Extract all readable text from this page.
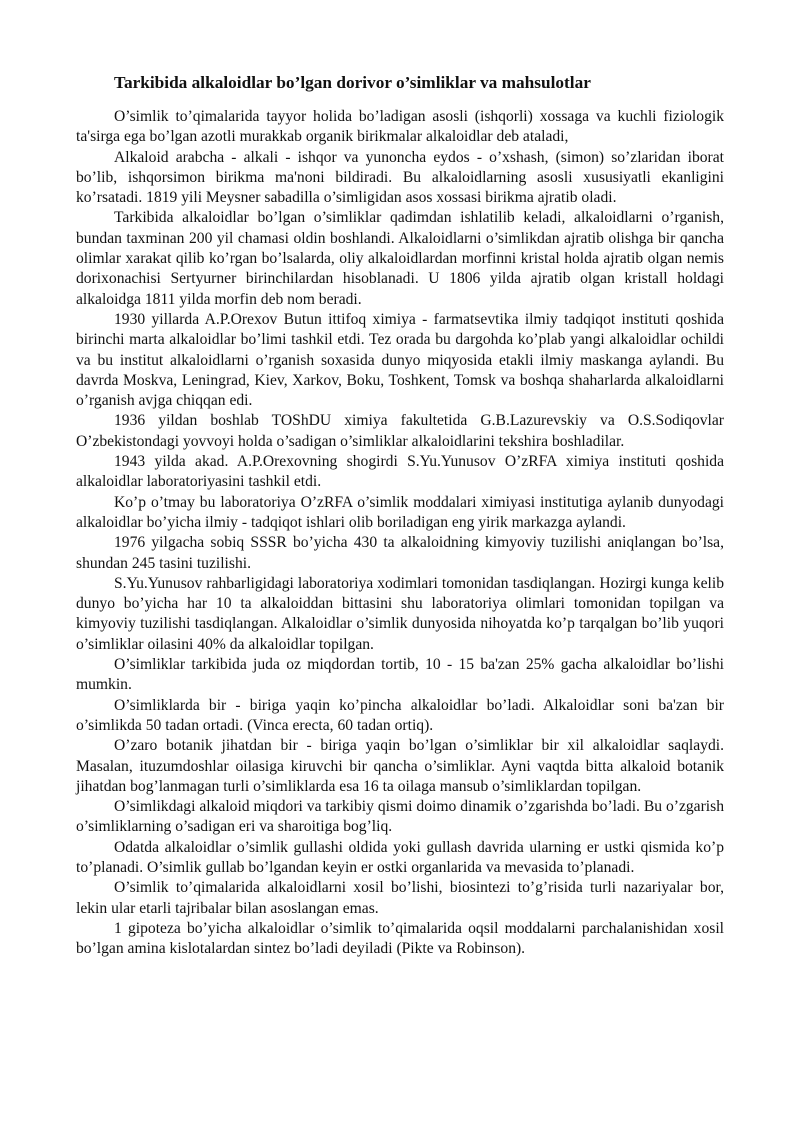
Tarkibida alkaloidlar bo’lgan dorivor o’simliklar va mahsulotlar

O’simlik to’qimalarida tayyor holida bo’ladigan asosli (ishqorli) xossaga va kuchli fiziologik ta'sirga ega bo’lgan azotli murakkab organik birikmalar alkaloidlar deb ataladi,

Alkaloid arabcha - alkali - ishqor va yunoncha eydos - o’xshash, (simon) so’zlaridan iborat bo’lib, ishqorsimon birikma ma'noni bildiradi. Bu alkaloidlarning asosli xususiyatli ekanligini ko’rsatadi. 1819 yili Meysner sabadilla o’simligidan asos xossasi birikma ajratib oladi.

Tarkibida alkaloidlar bo’lgan o’simliklar qadimdan ishlatilib keladi, alkaloidlarni o’rganish, bundan taxminan 200 yil chamasi oldin boshlandi. Alkaloidlarni o’simlikdan ajratib olishga bir qancha olimlar xarakat qilib ko’rgan bo’lsalarda, oliy alkaloidlardan morfinni kristal holda ajratib olgan nemis dorixonachisi Sertyurner birinchilardan hisoblanadi. U 1806 yilda ajratib olgan kristall holdagi alkaloidga 1811 yilda morfin deb nom beradi.

1930 yillarda A.P.Orexov Butun ittifoq ximiya - farmatsevtika ilmiy tadqiqot instituti qoshida birinchi marta alkaloidlar bo’limi tashkil etdi. Tez orada bu dargohda ko’plab yangi alkaloidlar ochildi va bu institut alkaloidlarni o’rganish soxasida dunyo miqyosida etakli ilmiy maskanga aylandi. Bu davrda Moskva, Leningrad, Kiev, Xarkov, Boku, Toshkent, Tomsk va boshqa shaharlarda alkaloidlarni o’rganish avjga chiqqan edi.

1936 yildan boshlab TOShDU ximiya fakultetida G.B.Lazurevskiy va O.S.Sodiqovlar O’zbekistondagi yovvoyi holda o’sadigan o’simliklar alkaloidlarini tekshira boshladilar.

1943 yilda akad. A.P.Orexovning shogirdi S.Yu.Yunusov O’zRFA ximiya instituti qoshida alkaloidlar laboratoriyasini tashkil etdi.

Ko’p o’tmay bu laboratoriya O’zRFA o’simlik moddalari ximiyasi institutiga aylanib dunyodagi alkaloidlar bo’yicha ilmiy - tadqiqot ishlari olib boriladigan eng yirik markazga aylandi.

1976 yilgacha sobiq SSSR bo’yicha 430 ta alkaloidning kimyoviy tuzilishi aniqlangan bo’lsa, shundan 245 tasini tuzilishi.

S.Yu.Yunusov rahbarligidagi laboratoriya xodimlari tomonidan tasdiqlangan. Hozirgi kunga kelib dunyo bo’yicha har 10 ta alkaloiddan bittasini shu laboratoriya olimlari tomonidan topilgan va kimyoviy tuzilishi tasdiqlangan. Alkaloidlar o’simlik dunyosida nihoyatda ko’p tarqalgan bo’lib yuqori o’simliklar oilasini 40% da alkaloidlar topilgan.

O’simliklar tarkibida juda oz miqdordan tortib, 10 - 15 ba'zan 25% gacha alkaloidlar bo’lishi mumkin.

O’simliklarda bir - biriga yaqin ko’pincha alkaloidlar bo’ladi. Alkaloidlar soni ba'zan bir o’simlikda 50 tadan ortadi. (Vinca erecta, 60 tadan ortiq).

O’zaro botanik jihatdan bir - biriga yaqin bo’lgan o’simliklar bir xil alkaloidlar saqlaydi. Masalan, ituzumdoshlar oilasiga kiruvchi bir qancha o’simliklar. Ayni vaqtda bitta alkaloid botanik jihatdan bog’lanmagan turli o’simliklarda esa 16 ta oilaga mansub o’simliklardan topilgan.

O’simlikdagi alkaloid miqdori va tarkibiy qismi doimo dinamik o’zgarishda bo’ladi. Bu o’zgarish o’simliklarning o’sadigan eri va sharoitiga bog’liq.

Odatda alkaloidlar o’simlik gullashi oldida yoki gullash davrida ularning er ustki qismida ko’p to’planadi. O’simlik gullab bo’lgandan keyin er ostki organlarida va mevasida to’planadi.

O’simlik to’qimalarida alkaloidlarni xosil bo’lishi, biosintezi to’g’risida turli nazariyalar bor, lekin ular etarli tajribalar bilan asoslangan emas.

1 gipoteza bo’yicha alkaloidlar o’simlik to’qimalarida oqsil moddalarni parchalanishidan xosil bo’lgan amina kislotalardan sintez bo’ladi deyiladi (Pikte va Robinson).
